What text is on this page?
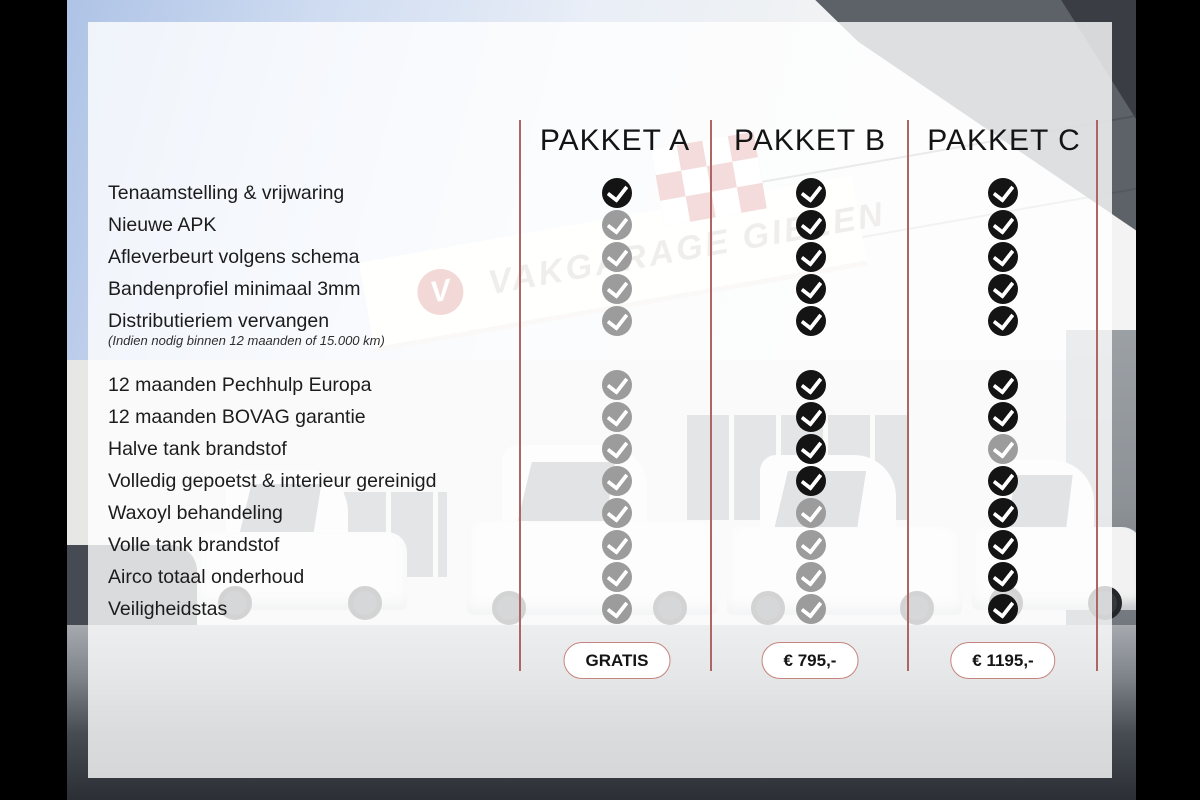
PAKKET A PAKKET B PAKKET C
Tenaamstelling & vrijwaring
Nieuwe APK
Afleverbeurt volgens schema
Bandenprofiel minimaal 3mm
Distributieriem vervangen
(Indien nodig binnen 12 maanden of 15.000 km)
12 maanden Pechhulp Europa
12 maanden BOVAG garantie
Halve tank brandstof
Volledig gepoetst & interieur gereinigd
Waxoyl behandeling
Volle tank brandstof
Airco totaal onderhoud
Veiligheidstas
GRATIS	€ 795,-	€ 1195,-
